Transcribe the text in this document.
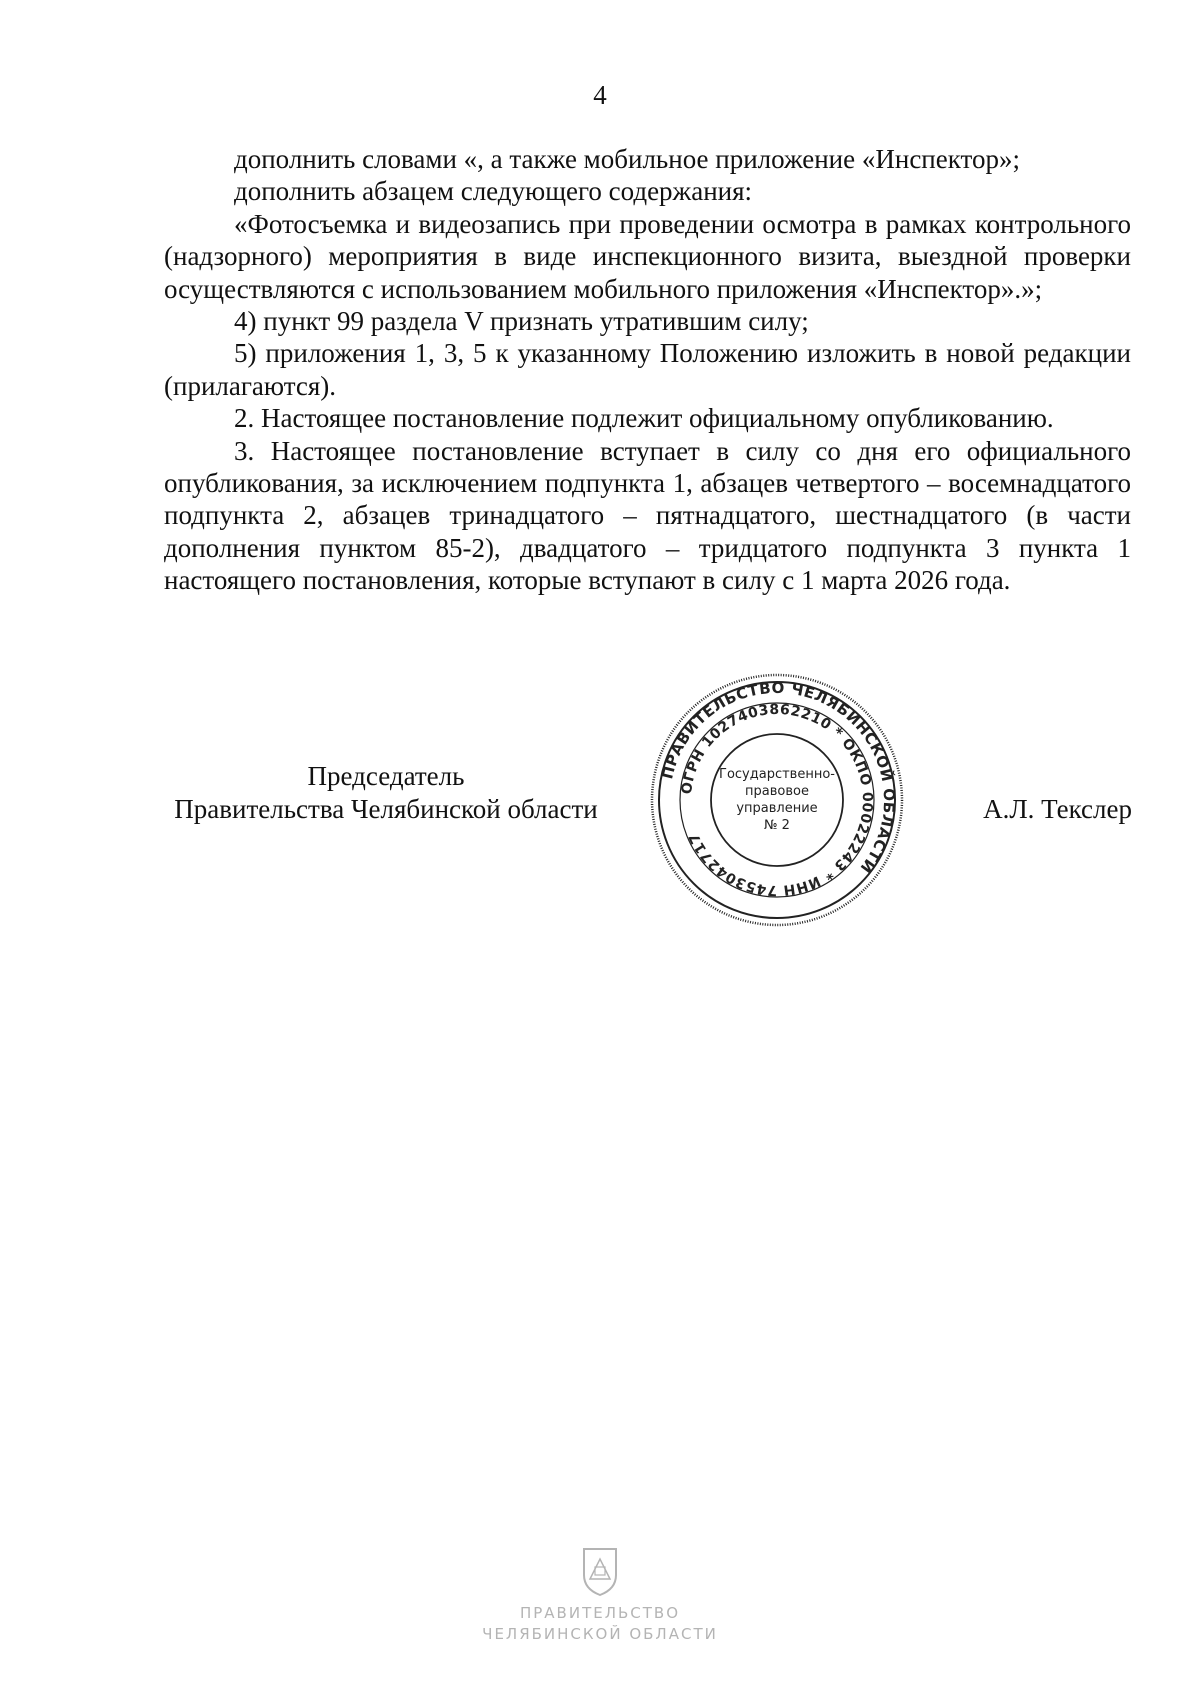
4

дополнить словами «, а также мобильное приложение «Инспектор»;

дополнить абзацем следующего содержания:

«Фотосъемка и видеозапись при проведении осмотра в рамках контрольного (надзорного) мероприятия в виде инспекционного визита, выездной проверки осуществляются с использованием мобильного приложения «Инспектор».»;

4) пункт 99 раздела V признать утратившим силу;

5) приложения 1, 3, 5 к указанному Положению изложить в новой редакции (прилагаются).

2. Настоящее постановление подлежит официальному опубликованию.

3. Настоящее постановление вступает в силу со дня его официального опубликования, за исключением подпункта 1, абзацев четвертого – восемнадцатого подпункта 2, абзацев тринадцатого – пятнадцатого, шестнадцатого (в части дополнения пунктом 85-2), двадцатого – тридцатого подпункта 3 пункта 1 настоящего постановления, которые вступают в силу с 1 марта 2026 года.

Председатель
Правительства Челябинской области	А.Л. Текслер
ПРАВИТЕЛЬСТВО ЧЕЛЯБИНСКОЙ ОБЛАСТИ
ОГРН 1027403862210 * ОКПО 00022243 * ИНН 7453042717
Государственно-
правовое
управление
№ 2
ПРАВИТЕЛЬСТВО
ЧЕЛЯБИНСКОЙ ОБЛАСТИ
